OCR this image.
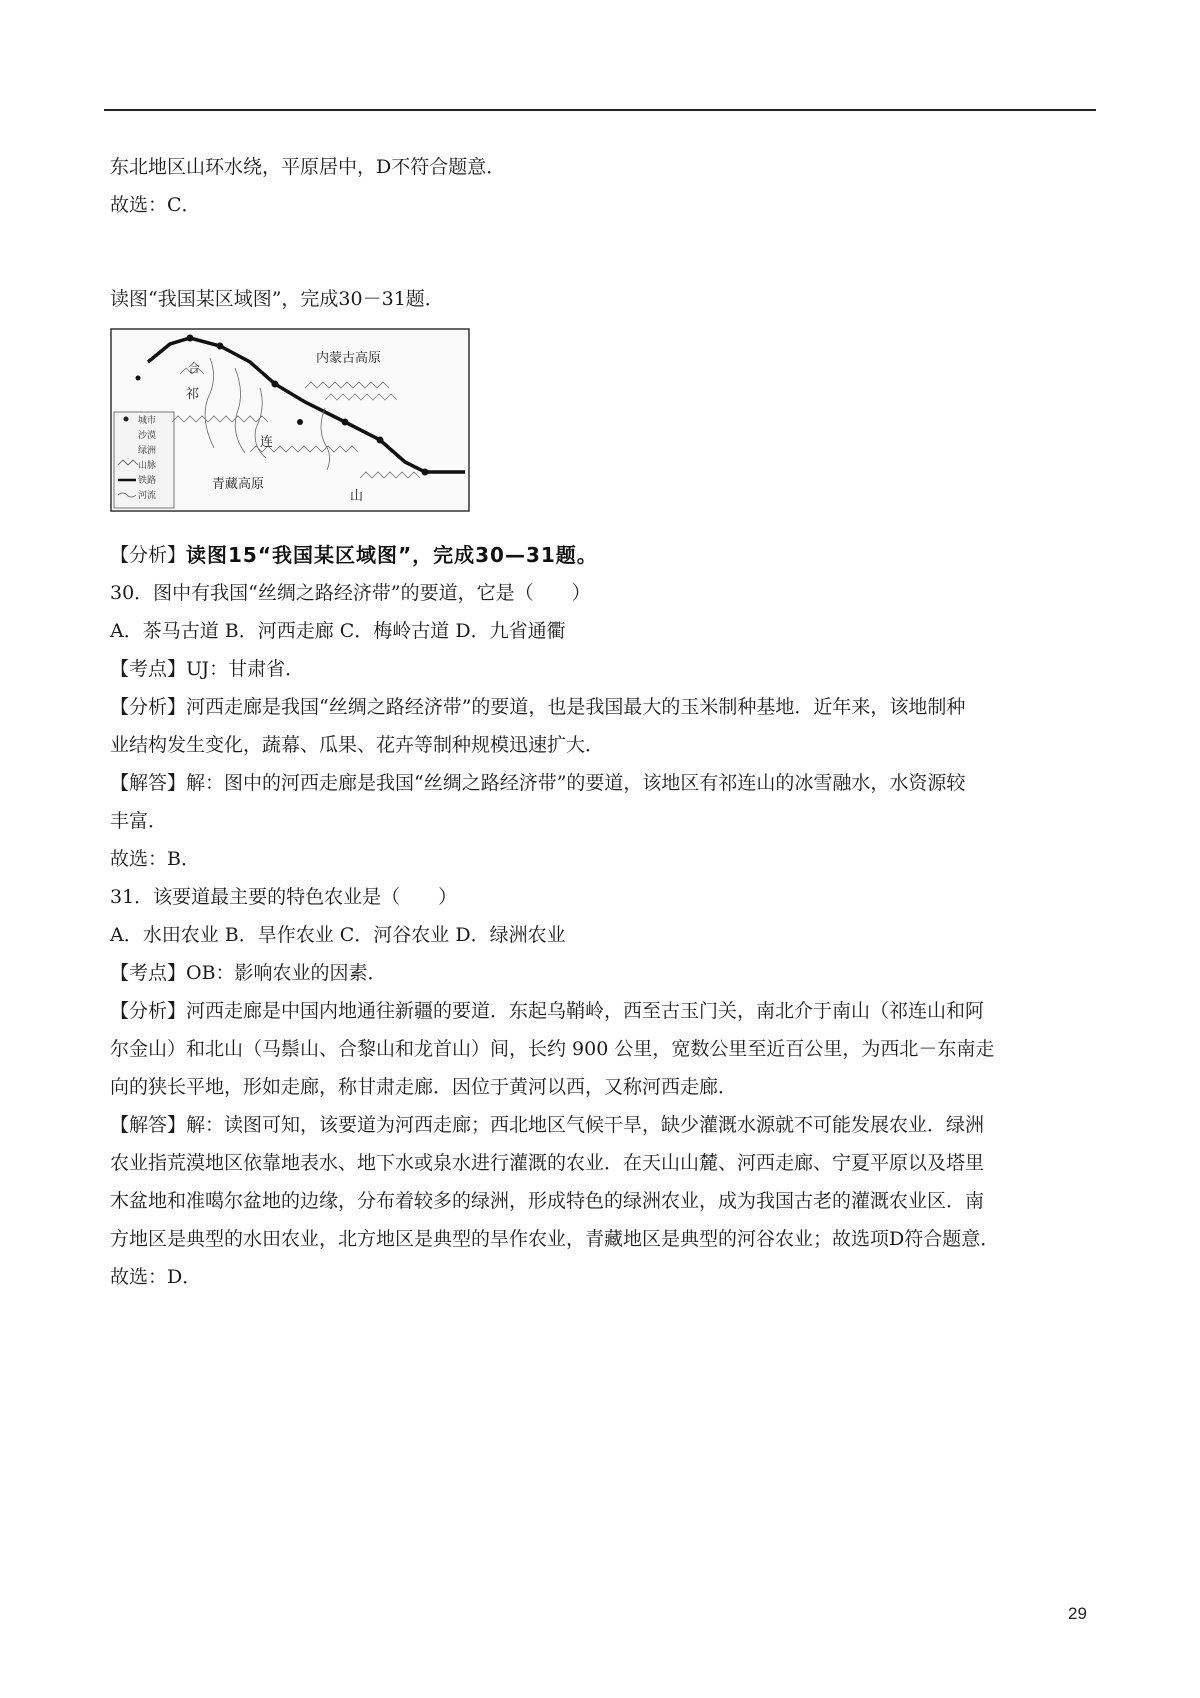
东北地区山环水绕，平原居中，D不符合题意．

故选：C．

读图“我国某区域图”，完成30－31题．

城市
沙漠
绿洲
山脉
铁路
河流
内蒙古高原
青藏高原
祁
连
山
合
【分析】 读图15“我国某区域图”，完成30—31题。

30．图中有我国“丝绸之路经济带”的要道，它是（　　）

A．茶马古道 B．河西走廊 C．梅岭古道 D．九省通衢

【考点】UJ：甘肃省．

【分析】河西走廊是我国“丝绸之路经济带”的要道，也是我国最大的玉米制种基地．近年来，该地制种

业结构发生变化，蔬幕、瓜果、花卉等制种规模迅速扩大．

【解答】解：图中的河西走廊是我国“丝绸之路经济带”的要道，该地区有祁连山的冰雪融水，水资源较

丰富．

故选：B．

31．该要道最主要的特色农业是（　　）

A．水田农业 B．旱作农业 C．河谷农业 D．绿洲农业

【考点】OB：影响农业的因素．

【分析】河西走廊是中国内地通往新疆的要道．东起乌鞘岭，西至古玉门关，南北介于南山（祁连山和阿

尔金山）和北山（马鬃山、合黎山和龙首山）间，长约 900 公里，宽数公里至近百公里，为西北－东南走

向的狭长平地，形如走廊，称甘肃走廊．因位于黄河以西，又称河西走廊．

【解答】解：读图可知，该要道为河西走廊；西北地区气候干旱，缺少灌溉水源就不可能发展农业．绿洲

农业指荒漠地区依靠地表水、地下水或泉水进行灌溉的农业．在天山山麓、河西走廊、宁夏平原以及塔里

木盆地和准噶尔盆地的边缘，分布着较多的绿洲，形成特色的绿洲农业，成为我国古老的灌溉农业区．南

方地区是典型的水田农业，北方地区是典型的旱作农业，青藏地区是典型的河谷农业；故选项D符合题意．

故选：D．

29
